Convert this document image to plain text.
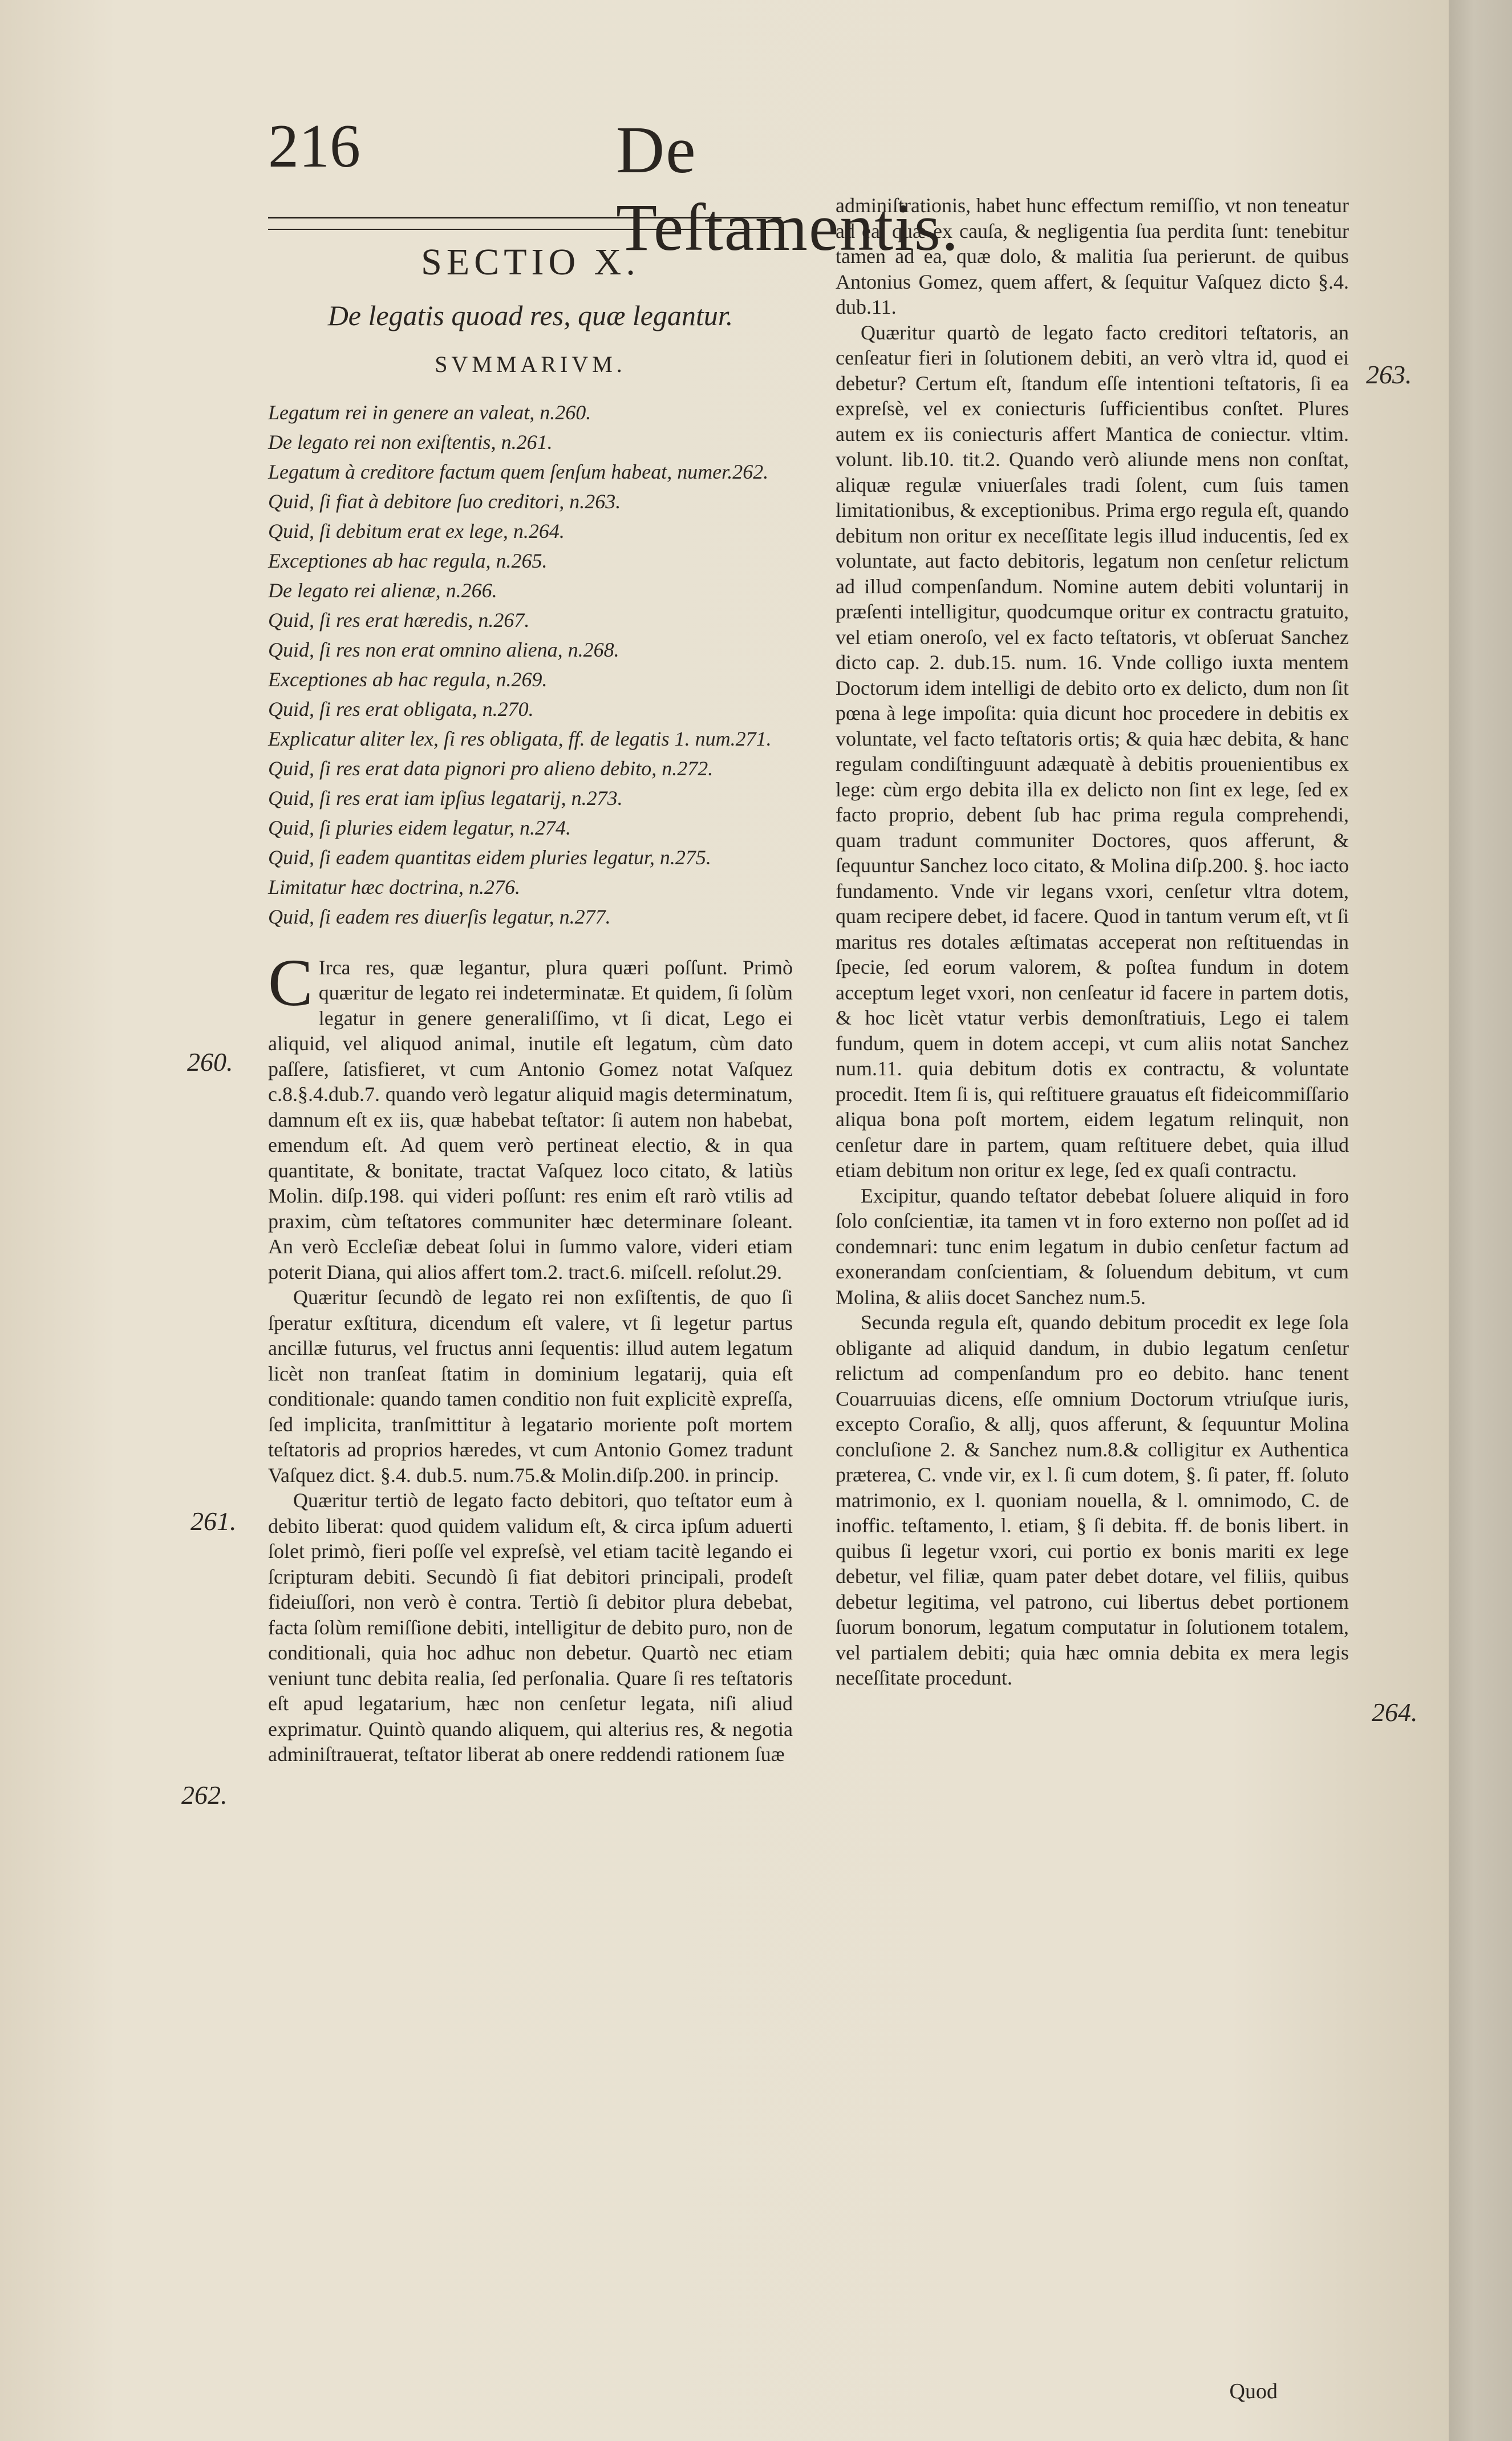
216	De Teſtamentis.
SECTIO X.
De legatis quoad res, quæ legantur.
SVMMARIVM.
Legatum rei in genere an valeat, n.260.
De legato rei non exiſtentis, n.261.
Legatum à creditore factum quem ſenſum habeat, numer.262.
Quid, ſi fiat à debitore ſuo creditori, n.263.
Quid, ſi debitum erat ex lege, n.264.
Exceptiones ab hac regula, n.265.
De legato rei alienæ, n.266.
Quid, ſi res erat hæredis, n.267.
Quid, ſi res non erat omnino aliena, n.268.
Exceptiones ab hac regula, n.269.
Quid, ſi res erat obligata, n.270.
Explicatur aliter lex, ſi res obligata, ff. de legatis 1. num.271.
Quid, ſi res erat data pignori pro alieno debito, n.272.
Quid, ſi res erat iam ipſius legatarij, n.273.
Quid, ſi pluries eidem legatur, n.274.
Quid, ſi eadem quantitas eidem pluries legatur, n.275.
Limitatur hæc doctrina, n.276.
Quid, ſi eadem res diuerſis legatur, n.277.

C Irca res, quæ legantur, plura quæri poſſunt. Primò quæritur de legato rei indeterminatæ. Et quidem, ſi ſolùm legatur in genere generaliſſimo, vt ſi dicat, Lego ei aliquid, vel aliquod animal, inutile eſt legatum, cùm dato paſſere, ſatisfieret, vt cum Antonio Gomez notat Vaſquez c.8.§.4.dub.7. quando verò legatur aliquid magis determinatum, damnum eſt ex iis, quæ habebat teſtator: ſi autem non habebat, emendum eſt. Ad quem verò pertineat electio, & in qua quantitate, & bonitate, tractat Vaſquez loco citato, & latiùs Molin. diſp.198. qui videri poſſunt: res enim eſt rarò vtilis ad praxim, cùm teſtatores communiter hæc determinare ſoleant. An verò Eccleſiæ debeat ſolui in ſummo valore, videri etiam poterit Diana, qui alios affert tom.2. tract.6. miſcell. reſolut.29.

Quæritur ſecundò de legato rei non exſiſtentis, de quo ſi ſperatur exſtitura, dicendum eſt valere, vt ſi legetur partus ancillæ futurus, vel fructus anni ſequentis: illud autem legatum licèt non tranſeat ſtatim in dominium legatarij, quia eſt conditionale: quando tamen conditio non fuit explicitè expreſſa, ſed implicita, tranſmittitur à legatario moriente poſt mortem teſtatoris ad proprios hæredes, vt cum Antonio Gomez tradunt Vaſquez dict. §.4. dub.5. num.75.& Molin.diſp.200. in princip.

Quæritur tertiò de legato facto debitori, quo teſtator eum à debito liberat: quod quidem validum eſt, & circa ipſum aduerti ſolet primò, fieri poſſe vel expreſsè, vel etiam tacitè legando ei ſcripturam debiti. Secundò ſi fiat debitori principali, prodeſt fideiuſſori, non verò è contra. Tertiò ſi debitor plura debebat, facta ſolùm remiſſione debiti, intelligitur de debito puro, non de conditionali, quia hoc adhuc non debetur. Quartò nec etiam veniunt tunc debita realia, ſed perſonalia. Quare ſi res teſtatoris eſt apud legatarium, hæc non cenſetur legata, niſi aliud exprimatur. Quintò quando aliquem, qui alterius res, & negotia adminiſtrauerat, teſtator liberat ab onere reddendi rationem ſuæ

260.
261.
262.

adminiſtrationis, habet hunc effectum remiſſio, vt non teneatur ad ea, quæ ex cauſa, & negligentia ſua perdita ſunt: tenebitur tamen ad ea, quæ dolo, & malitia ſua perierunt. de quibus Antonius Gomez, quem affert, & ſequitur Vaſquez dicto §.4. dub.11.

Quæritur quartò de legato facto creditori teſtatoris, an cenſeatur fieri in ſolutionem debiti, an verò vltra id, quod ei debetur? Certum eſt, ſtandum eſſe intentioni teſtatoris, ſi ea expreſsè, vel ex coniecturis ſufficientibus conſtet. Plures autem ex iis coniecturis affert Mantica de coniectur. vltim. volunt. lib.10. tit.2. Quando verò aliunde mens non conſtat, aliquæ regulæ vniuerſales tradi ſolent, cum ſuis tamen limitationibus, & exceptionibus. Prima ergo regula eſt, quando debitum non oritur ex neceſſitate legis illud inducentis, ſed ex voluntate, aut facto debitoris, legatum non cenſetur relictum ad illud compenſandum. Nomine autem debiti voluntarij in præſenti intelligitur, quodcumque oritur ex contractu gratuito, vel etiam oneroſo, vel ex facto teſtatoris, vt obſeruat Sanchez dicto cap. 2. dub.15. num. 16. Vnde colligo iuxta mentem Doctorum idem intelligi de debito orto ex delicto, dum non ſit pœna à lege impoſita: quia dicunt hoc procedere in debitis ex voluntate, vel facto teſtatoris ortis; & quia hæc debita, & hanc regulam condiſtinguunt adæquatè à debitis prouenientibus ex lege: cùm ergo debita illa ex delicto non ſint ex lege, ſed ex facto proprio, debent ſub hac prima regula comprehendi, quam tradunt communiter Doctores, quos afferunt, & ſequuntur Sanchez loco citato, & Molina diſp.200. §. hoc iacto fundamento. Vnde vir legans vxori, cenſetur vltra dotem, quam recipere debet, id facere. Quod in tantum verum eſt, vt ſi maritus res dotales æſtimatas acceperat non reſtituendas in ſpecie, ſed eorum valorem, & poſtea fundum in dotem acceptum leget vxori, non cenſeatur id facere in partem dotis, & hoc licèt vtatur verbis demonſtratiuis, Lego ei talem fundum, quem in dotem accepi, vt cum aliis notat Sanchez num.11. quia debitum dotis ex contractu, & voluntate procedit. Item ſi is, qui reſtituere grauatus eſt fideicommiſſario aliqua bona poſt mortem, eidem legatum relinquit, non cenſetur dare in partem, quam reſtituere debet, quia illud etiam debitum non oritur ex lege, ſed ex quaſi contractu.

Excipitur, quando teſtator debebat ſoluere aliquid in foro ſolo conſcientiæ, ita tamen vt in foro externo non poſſet ad id condemnari: tunc enim legatum in dubio cenſetur factum ad exonerandam conſcientiam, & ſoluendum debitum, vt cum Molina, & aliis docet Sanchez num.5.

Secunda regula eſt, quando debitum procedit ex lege ſola obligante ad aliquid dandum, in dubio legatum cenſetur relictum ad compenſandum pro eo debito. hanc tenent Couarruuias dicens, eſſe omnium Doctorum vtriuſque iuris, excepto Coraſio, & allj, quos afferunt, & ſequuntur Molina concluſione 2. & Sanchez num.8.& colligitur ex Authentica præterea, C. vnde vir, ex l. ſi cum dotem, §. ſi pater, ff. ſoluto matrimonio, ex l. quoniam nouella, & l. omnimodo, C. de inoffic. teſtamento, l. etiam, § ſi debita. ff. de bonis libert. in quibus ſi legetur vxori, cui portio ex bonis mariti ex lege debetur, vel filiæ, quam pater debet dotare, vel filiis, quibus debetur legitima, vel patrono, cui libertus debet portionem ſuorum bonorum, legatum computatur in ſolutionem totalem, vel partialem debiti; quia hæc omnia debita ex mera legis neceſſitate procedunt.

263.
264.
Quod
